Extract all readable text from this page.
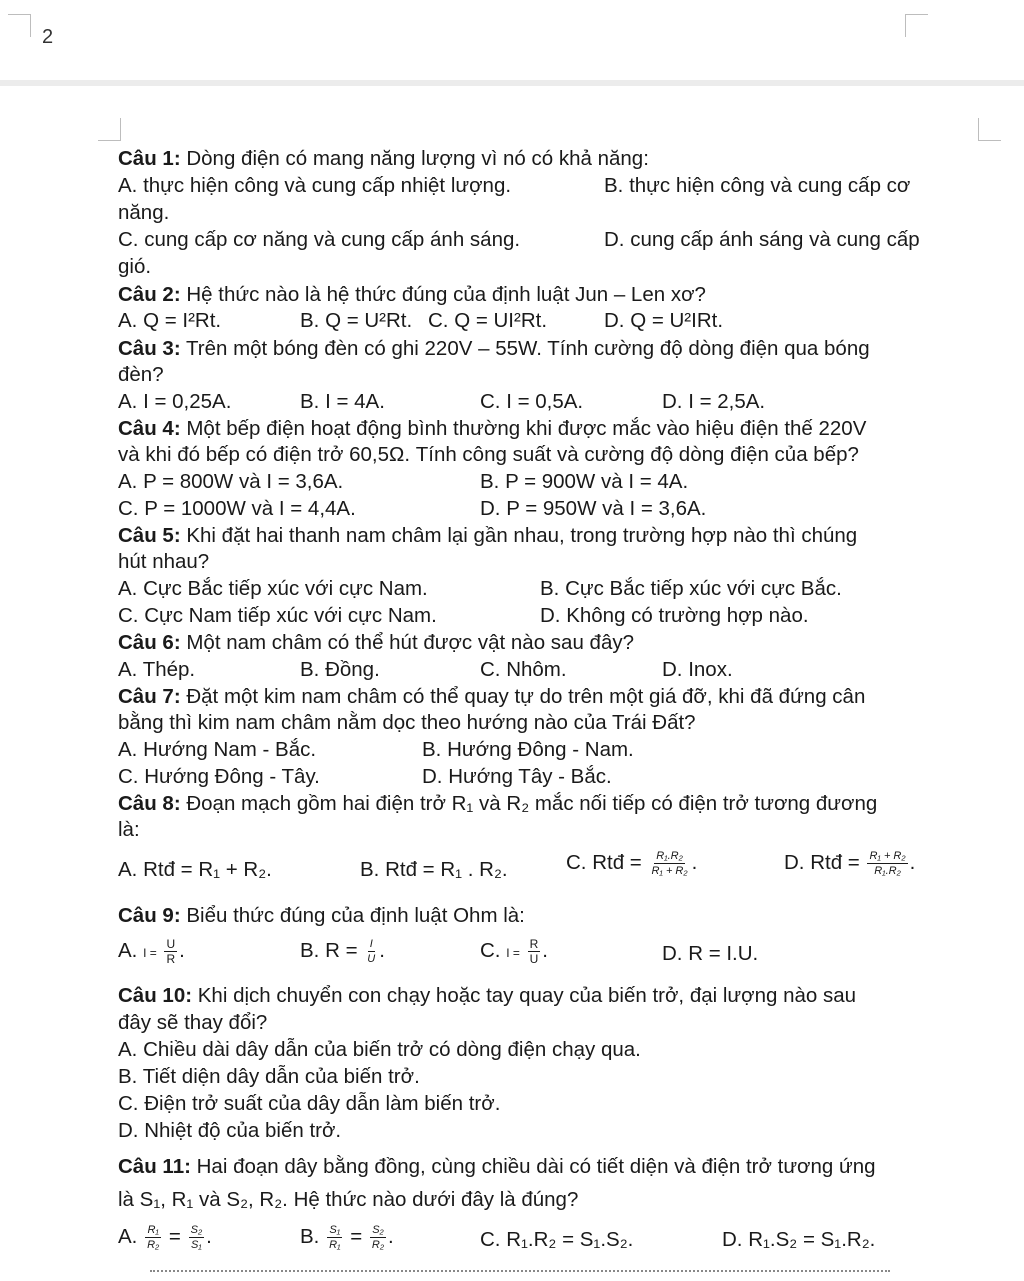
2
Câu 1: Dòng điện có mang năng lượng vì nó có khả năng:
A. thực hiện công và cung cấp nhiệt lượng.	B. thực hiện công và cung cấp cơ
năng.
C. cung cấp cơ năng và cung cấp ánh sáng.	D. cung cấp ánh sáng và cung cấp
gió.
Câu 2: Hệ thức nào là hệ thức đúng của định luật Jun – Len xơ?
A. Q = I²Rt.	B. Q = U²Rt. C. Q = UI²Rt.	D. Q = U²IRt.
Câu 3: Trên một bóng đèn có ghi 220V – 55W. Tính cường độ dòng điện qua bóng
đèn?
A. I = 0,25A.	B. I = 4A.	C. I = 0,5A.	D. I = 2,5A.
Câu 4: Một bếp điện hoạt động bình thường khi được mắc vào hiệu điện thế 220V
và khi đó bếp có điện trở 60,5Ω. Tính công suất và cường độ dòng điện của bếp?
A. P = 800W và I = 3,6A.	B. P = 900W và I = 4A.
C. P = 1000W và I = 4,4A.	D. P = 950W và I = 3,6A.
Câu 5: Khi đặt hai thanh nam châm lại gần nhau, trong trường hợp nào thì chúng
hút nhau?
A. Cực Bắc tiếp xúc với cực Nam.	B. Cực Bắc tiếp xúc với cực Bắc.
C. Cực Nam tiếp xúc với cực Nam.	D. Không có trường hợp nào.
Câu 6: Một nam châm có thể hút được vật nào sau đây?
A. Thép.	B. Đồng.	C. Nhôm.	D. Inox.
Câu 7: Đặt một kim nam châm có thể quay tự do trên một giá đỡ, khi đã đứng cân
bằng thì kim nam châm nằm dọc theo hướng nào của Trái Đất?
A. Hướng Nam - Bắc.	B. Hướng Đông - Nam.
C. Hướng Đông - Tây.	D. Hướng Tây - Bắc.
Câu 8: Đoạn mạch gồm hai điện trở R₁ và R₂ mắc nối tiếp có điện trở tương đương
là:
A. Rtđ = R₁ + R₂.	B. Rtđ = R₁ . R₂.	C. Rtđ = $\frac{\text{R₁.R₂}}{\text{R₁ + R₂}}$ .	D. Rtđ = $\frac{\text{R₁ + R₂}}{\text{R₁.R₂}}$ .
Câu 9: Biểu thức đúng của định luật Ohm là:
A. $I = \frac{U}{R}$ .	B. $R = \frac{I}{U}$ .	C. $I = \frac{R}{U}$ .	D. R = I.U.
Câu 10: Khi dịch chuyển con chạy hoặc tay quay của biến trở, đại lượng nào sau
đây sẽ thay đổi?
A. Chiều dài dây dẫn của biến trở có dòng điện chạy qua.
B. Tiết diện dây dẫn của biến trở.
C. Điện trở suất của dây dẫn làm biến trở.
D. Nhiệt độ của biến trở.
Câu 11: Hai đoạn dây bằng đồng, cùng chiều dài có tiết diện và điện trở tương ứng
là S₁, R₁ và S₂, R₂. Hệ thức nào dưới đây là đúng?
A. $\frac{\text{R₁}}{\text{R₂}} = \frac{\text{S₂}}{\text{S₁}}$ .	B. $\frac{\text{S₁}}{\text{R₁}} = \frac{\text{S₂}}{\text{R₂}}$ .	C. R₁.R₂ = S₁.S₂.	D. R₁.S₂ = S₁.R₂.
